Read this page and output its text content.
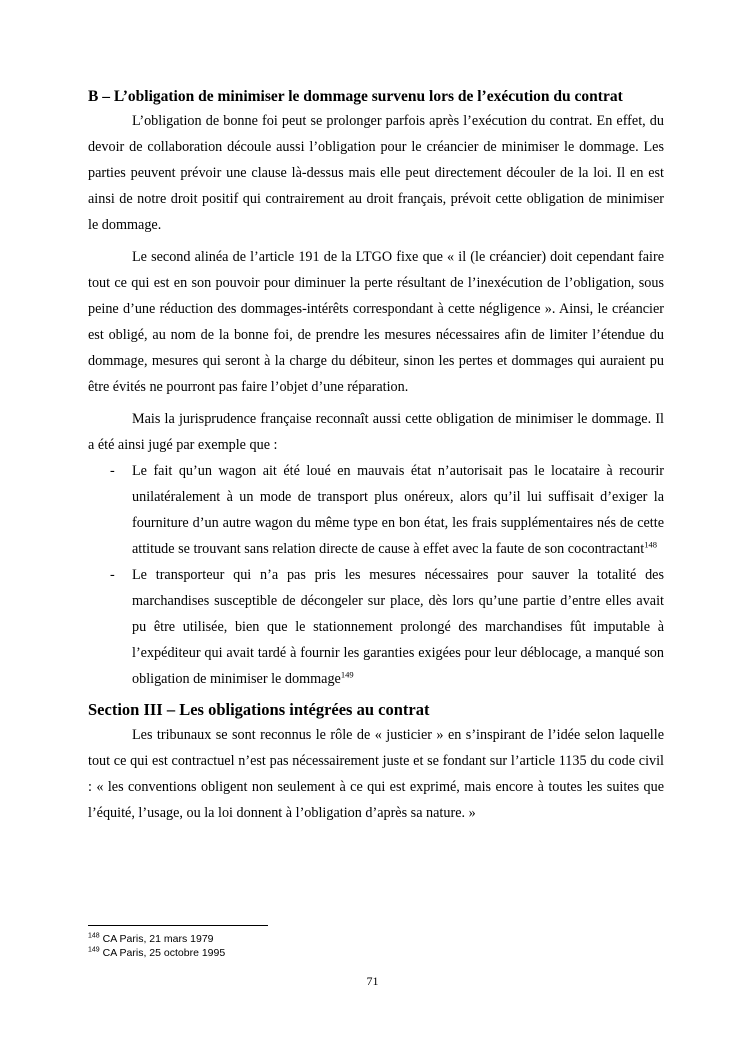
B – L’obligation de minimiser le dommage survenu lors de l’exécution du contrat

L’obligation de bonne foi peut se prolonger parfois après l’exécution du contrat. En effet, du devoir de collaboration découle aussi l’obligation pour le créancier de minimiser le dommage. Les parties peuvent prévoir une clause là-dessus mais elle peut directement découler de la loi. Il en est ainsi de notre droit positif qui contrairement au droit français, prévoit cette obligation de minimiser le dommage.

Le second alinéa de l’article 191 de la LTGO fixe que « il (le créancier) doit cependant faire tout ce qui est en son pouvoir pour diminuer la perte résultant de l’inexécution de l’obligation, sous peine d’une réduction des dommages-intérêts correspondant à cette négligence ». Ainsi, le créancier est obligé, au nom de la bonne foi, de prendre les mesures nécessaires afin de limiter l’étendue du dommage, mesures qui seront à la charge du débiteur, sinon les pertes et dommages qui auraient pu être évités ne pourront pas faire l’objet d’une réparation.

Mais la jurisprudence française reconnaît aussi cette obligation de minimiser le dommage. Il a été ainsi jugé par exemple que :

- Le fait qu’un wagon ait été loué en mauvais état n’autorisait pas le locataire à recourir unilatéralement à un mode de transport plus onéreux, alors qu’il lui suffisait d’exiger la fourniture d’un autre wagon du même type en bon état, les frais supplémentaires nés de cette attitude se trouvant sans relation directe de cause à effet avec la faute de son cocontractant$^{148}$
- Le transporteur qui n’a pas pris les mesures nécessaires pour sauver la totalité des marchandises susceptible de décongeler sur place, dès lors qu’une partie d’entre elles avait pu être utilisée, bien que le stationnement prolongé des marchandises fût imputable à l’expéditeur qui avait tardé à fournir les garanties exigées pour leur déblocage, a manqué son obligation de minimiser le dommage$^{149}$

Section III – Les obligations intégrées au contrat

Les tribunaux se sont reconnus le rôle de « justicier » en s’inspirant de l’idée selon laquelle tout ce qui est contractuel n’est pas nécessairement juste et se fondant sur l’article 1135 du code civil : « les conventions obligent non seulement à ce qui est exprimé, mais encore à toutes les suites que l’équité, l’usage, ou la loi donnent à l’obligation d’après sa nature. »

$^{148}$ CA Paris, 21 mars 1979
$^{149}$ CA Paris, 25 octobre 1995
71
